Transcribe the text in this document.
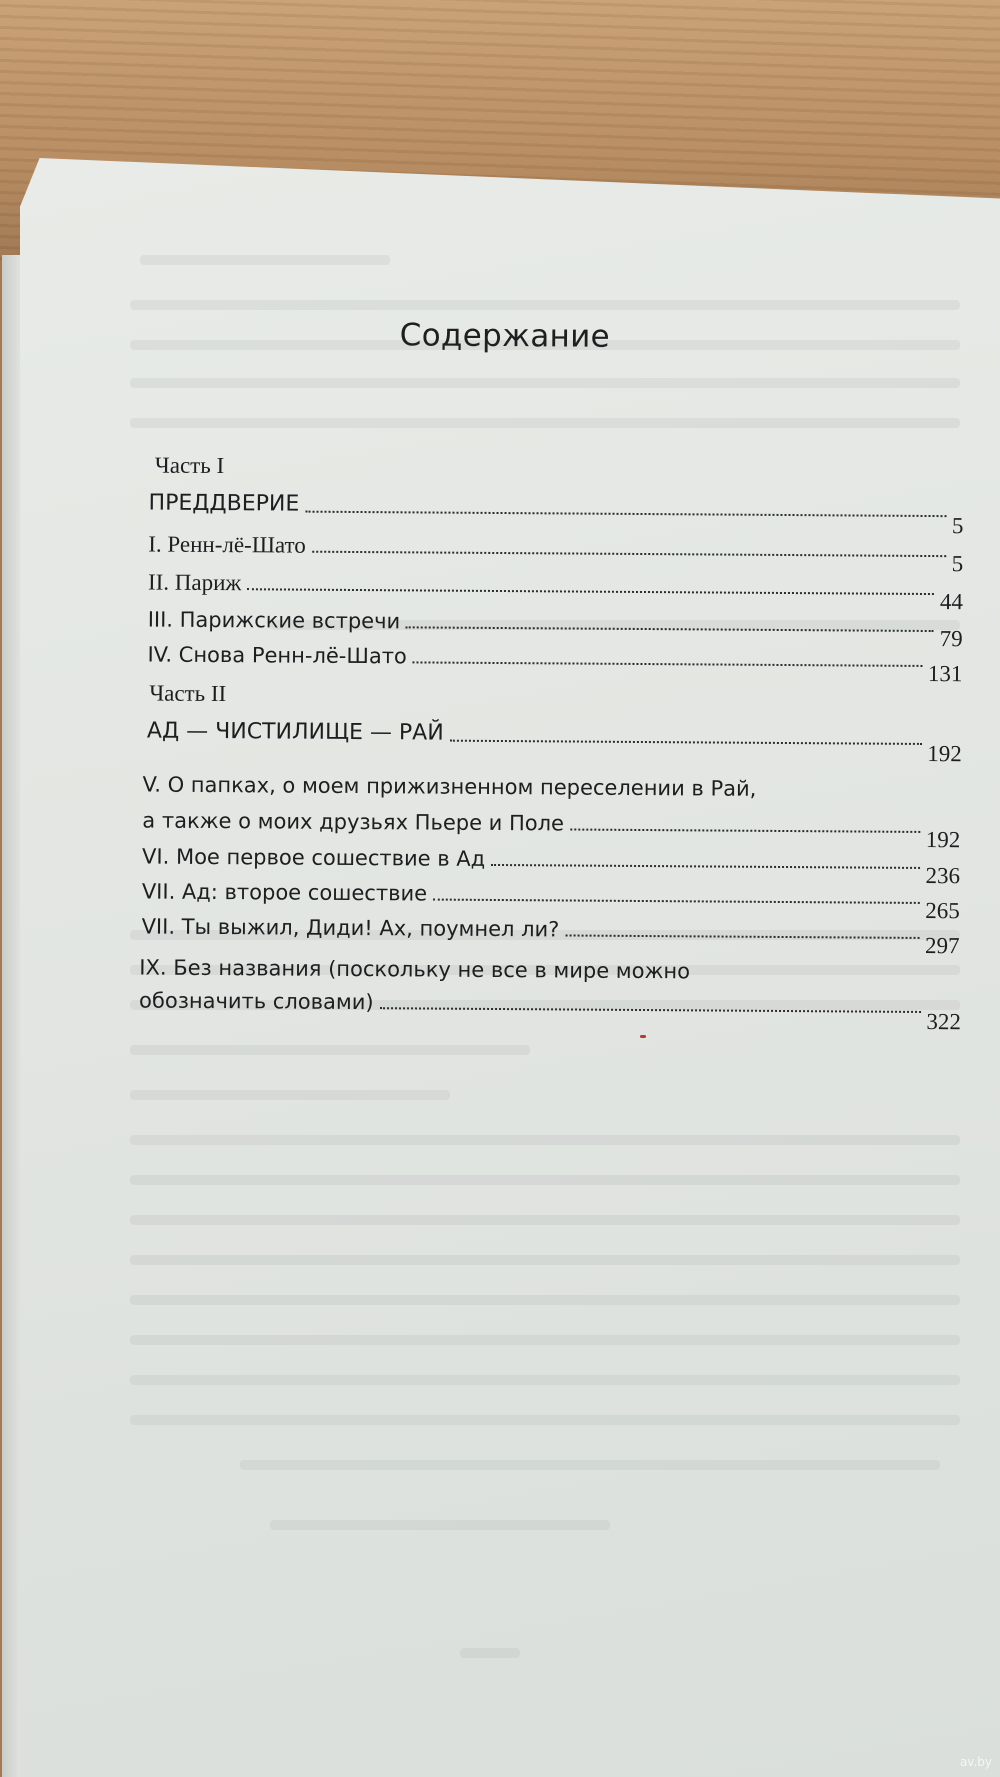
Содержание
Часть I
ПРЕДДВЕРИЕ
5
I. Ренн-лё-Шато
5
II. Париж
44
III. Парижские встречи
79
IV. Снова Ренн-лё-Шато
131
Часть II
АД — ЧИСТИЛИЩЕ — РАЙ
192
V. О папках, о моем прижизненном переселении в Рай,
а также о моих друзьях Пьере и Поле
192
VI. Мое первое сошествие в Ад
236
VII. Ад: второе сошествие
265
VII. Ты выжил, Диди! Ах, поумнел ли?
297
IX. Без названия (поскольку не все в мире можно
обозначить словами)
322
av.by
